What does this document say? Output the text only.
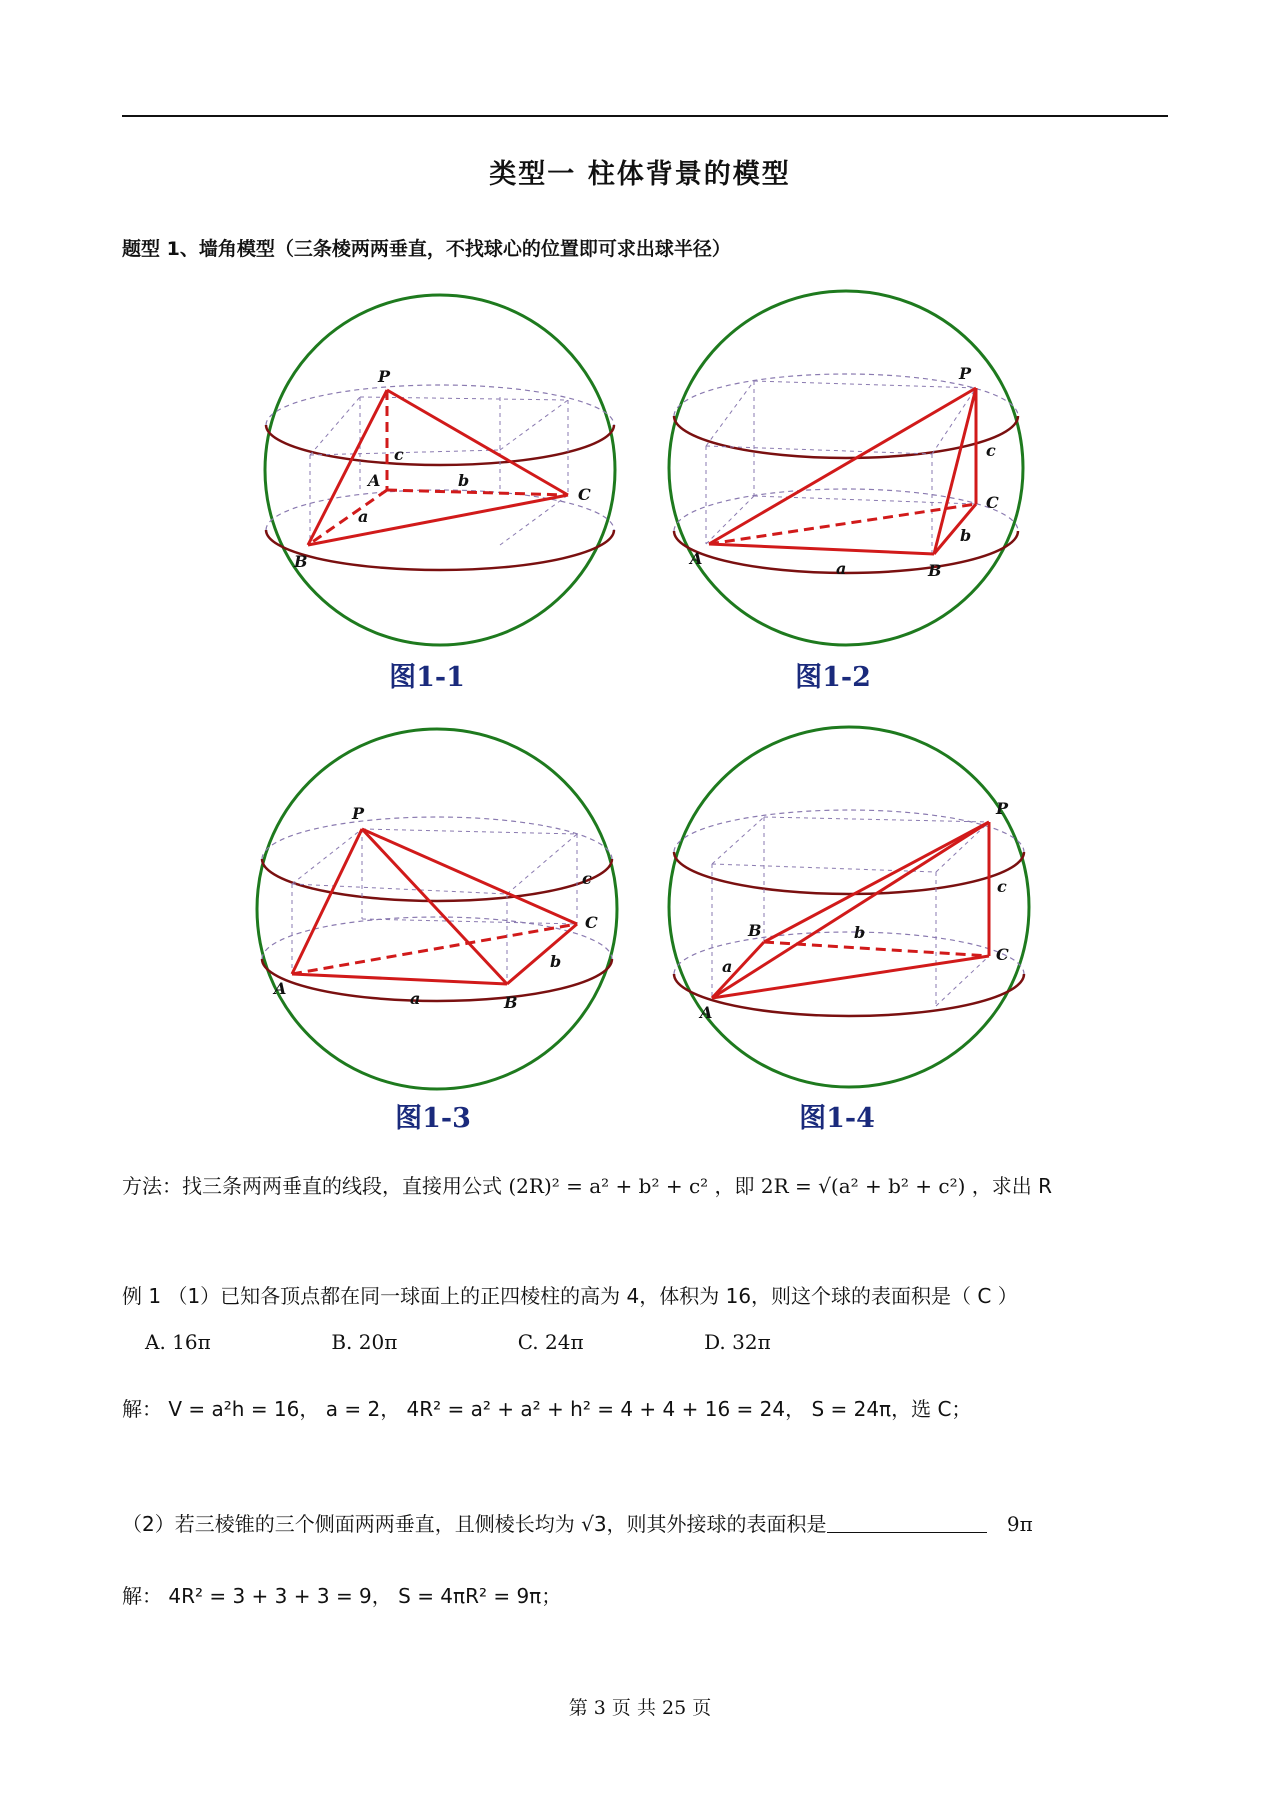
类型一 柱体背景的模型
题型 1、墙角模型（三条棱两两垂直，不找球心的位置即可求出球半径）
P
A
B
C
a
b
c
图1-1
P
A
B
C
a
b
c
图1-2
P
A
B
C
a
b
c
图1-3
P
A
B
C
a
b
c
图1-4
方法：找三条两两垂直的线段，直接用公式 (2R)² = a² + b² + c² ，即 2R = √(a² + b² + c²) ，求出 R
例 1 （1）已知各顶点都在同一球面上的正四棱柱的高为 4，体积为 16，则这个球的表面积是（ C ）
A. 16π	B. 20π	C. 24π	D. 32π
解： V = a²h = 16， a = 2， 4R² = a² + a² + h² = 4 + 4 + 16 = 24， S = 24π，选 C；
（2）若三棱锥的三个侧面两两垂直，且侧棱长均为 √3，则其外接球的表面积是	9π
解： 4R² = 3 + 3 + 3 = 9， S = 4πR² = 9π；
第 3 页 共 25 页
